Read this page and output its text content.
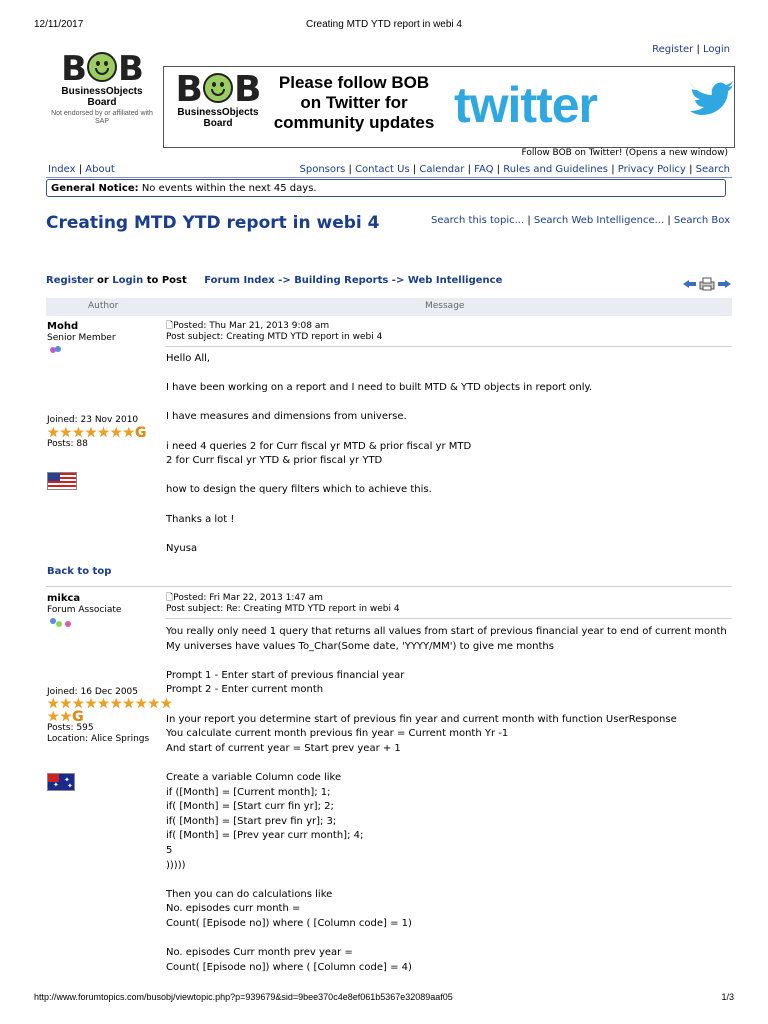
12/11/2017	Creating MTD YTD report in webi 4
Register | Login
B B
BusinessObjects
Board
Not endorsed by or affiliated with SAP
B B
BusinessObjects
Board
Please follow BOB
on Twitter for
community updates twitter
Follow BOB on Twitter! (Opens a new window)
Index | About	Sponsors | Contact Us | Calendar | FAQ | Rules and Guidelines | Privacy Policy | Search
General Notice: No events within the next 45 days.
Creating MTD YTD report in webi 4	Search this topic... | Search Web Intelligence... | Search Box
Register or Login to Post Forum Index -> Building Reports -> Web Intelligence
Author	Message
Mohd
Senior Member
Joined: 23 Nov 2010
★ ★ ★ ★ ★ ★ ★ G
Posts: 88
🗋Posted: Thu Mar 21, 2013 9:08 am
Post subject: Creating MTD YTD report in webi 4

Hello All,

I have been working on a report and I need to built MTD & YTD objects in report only.

I have measures and dimensions from universe.

i need 4 queries 2 for Curr fiscal yr MTD & prior fiscal yr MTD

2 for Curr fiscal yr YTD & prior fiscal yr YTD

how to design the query filters which to achieve this.

Thanks a lot !

Nyusa

Back to top
mikca
Forum Associate
Joined: 16 Dec 2005
★ ★ ★ ★ ★ ★ ★ ★ ★ ★
★ ★ G
Posts: 595
Location: Alice Springs
✦
✦
✦
🗋Posted: Fri Mar 22, 2013 1:47 am
Post subject: Re: Creating MTD YTD report in webi 4

You really only need 1 query that returns all values from start of previous financial year to end of current month

My universes have values To_Char(Some date, 'YYYY/MM') to give me months

Prompt 1 - Enter start of previous financial year

Prompt 2 - Enter current month

In your report you determine start of previous fin year and current month with function UserResponse

You calculate current month previous fin year = Current month Yr -1

And start of current year = Start prev year + 1

Create a variable Column code like

if ([Month] = [Current month]; 1;

if( [Month] = [Start curr fin yr]; 2;

if( [Month] = [Start prev fin yr]; 3;

if( [Month] = [Prev year curr month]; 4;

5

)))))

Then you can do calculations like

No. episodes curr month =

Count( [Episode no]) where ( [Column code] = 1)

No. episodes Curr month prev year =

Count( [Episode no]) where ( [Column code] = 4)

http://www.forumtopics.com/busobj/viewtopic.php?p=939679&sid=9bee370c4e8ef061b5367e32089aaf05	1/3
